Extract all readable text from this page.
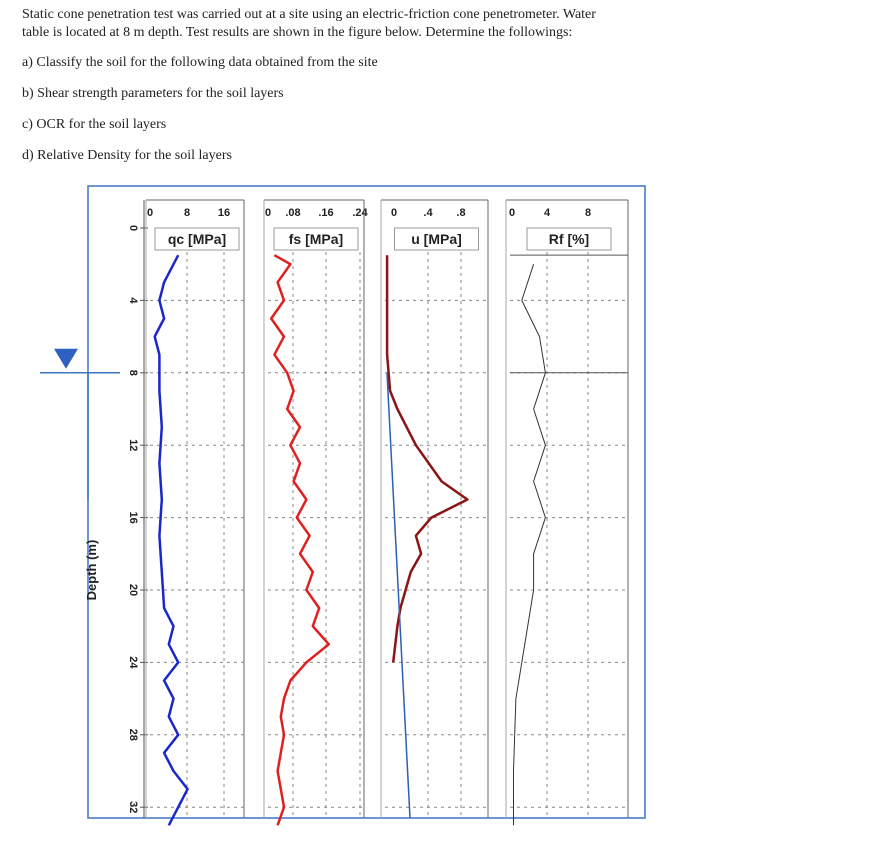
Static cone penetration test was carried out at a site using an electric-friction cone penetrometer. Water

table is located at 8 m depth. Test results are shown in the figure below. Determine the followings:

a) Classify the soil for the following data obtained from the site
b) Shear strength parameters for the soil layers
c) OCR for the soil layers
d) Relative Density for the soil layers
Depth (m)
0
4
8
12
16
20
24
28
32
0	8	16
qc [MPa]
0 .08 .16 .24
fs [MPa]
0 .4 .8
u [MPa]
0	4	8
Rf [%]
